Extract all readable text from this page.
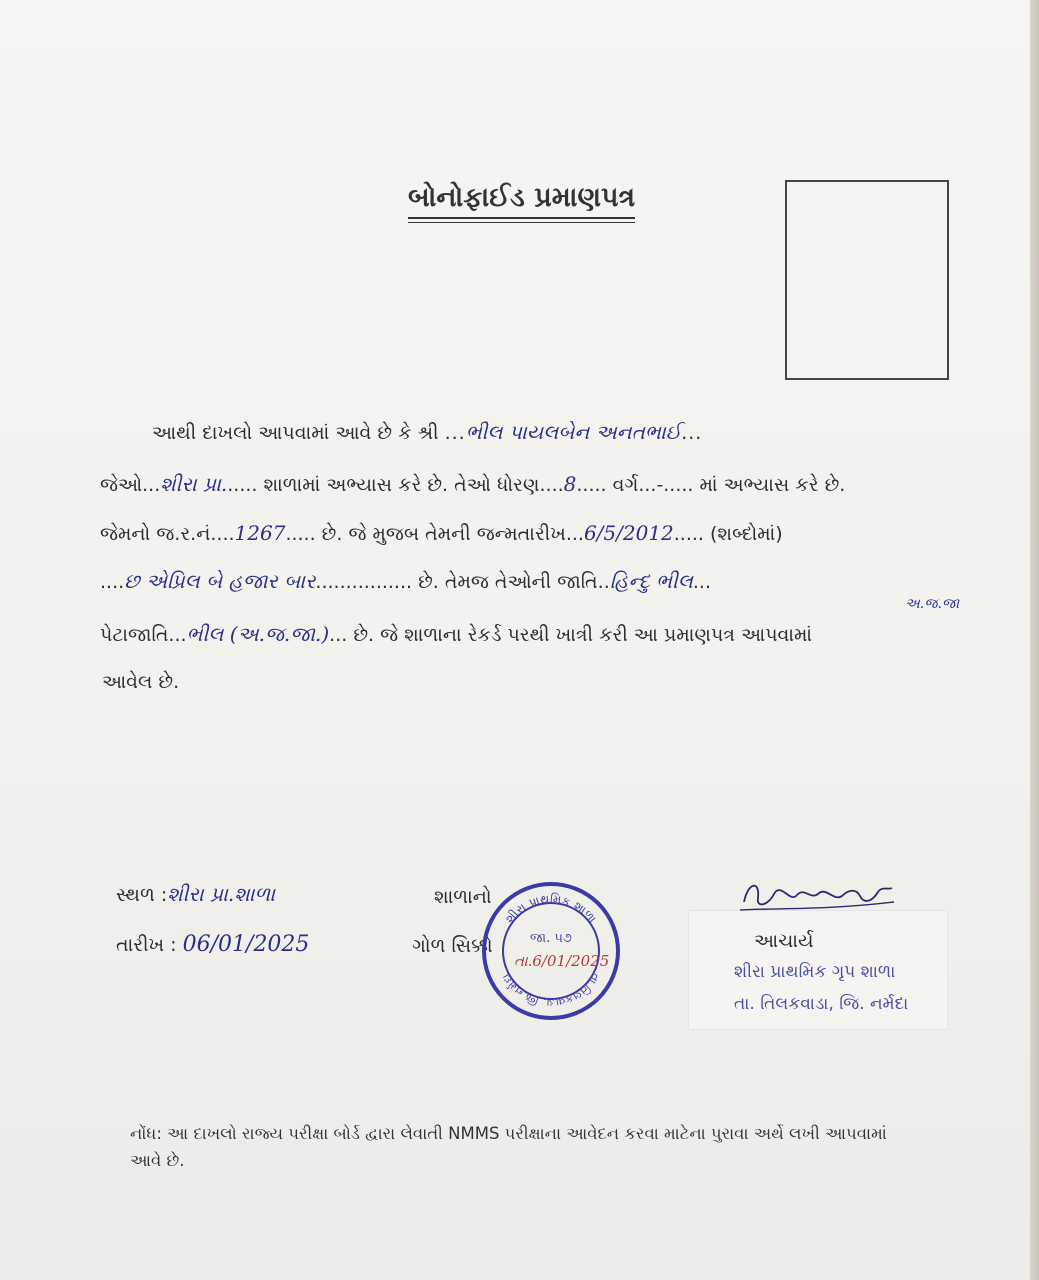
બોનોફાઈડ પ્રમાણપત્ર
આથી દાખલો આપવામાં આવે છે કે શ્રી ...ભીલ પાયલબેન અનતભાઈ...
જેઓ...શીરા પ્રા...... શાળામાં અભ્યાસ કરે છે. તેઓ ધોરણ....8..... વર્ગ...-..... માં અભ્યાસ કરે છે.
જેમનો જ.ર.નં....1267..... છે. જે મુજબ તેમની જન્મતારીખ...6/5/2012..... (શબ્દોમાં)
....છ એપ્રિલ બે હજાર બાર................ છે. તેમજ તેઓની જાતિ..હિન્દુ ભીલ...
અ.જ.જા
પેટાજાતિ...ભીલ (અ.જ.જા.)... છે. જે શાળાના રેકર્ડ પરથી ખાત્રી કરી આ પ્રમાણપત્ર આપવામાં
આવેલ છે.
સ્થળ :શીરા પ્રા.શાળા
તારીખ : 06/01/2025
શાળાનો
ગોળ સિક્કો
શીરા પ્રાથમિક શાળા
તા.તિલકવાડા, જિ.નર્મદા
જા. ૫૭
તા.6/01/2025
આચાર્ય
શીરા પ્રાથમિક ગૃપ શાળા
તા. તિલકવાડા, જિ. નર્મદા
નોંધ: આ દાખલો રાજ્ય પરીક્ષા બોર્ડ દ્વારા લેવાતી NMMS પરીક્ષાના આવેદન કરવા માટેના પુરાવા અર્થે લખી આપવામાં આવે છે.
